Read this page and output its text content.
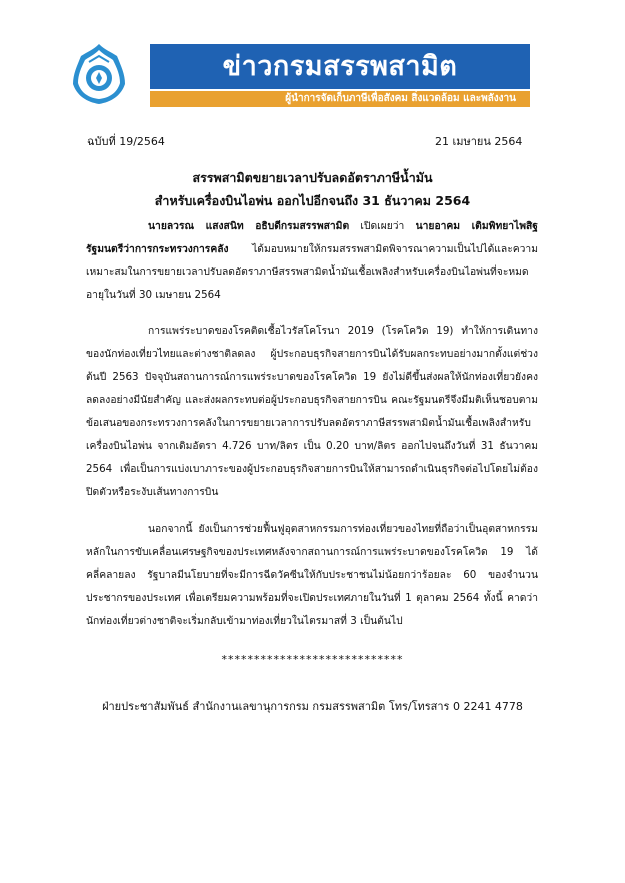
ข่าวกรมสรรพสามิต
ผู้นำการจัดเก็บภาษีเพื่อสังคม สิ่งแวดล้อม และพลังงาน
ฉบับที่ 19/2564	21 เมษายน 2564
สรรพสามิตขยายเวลาปรับลดอัตราภาษีน้ำมัน
สำหรับเครื่องบินไอพ่น ออกไปอีกจนถึง 31 ธันวาคม 2564
นายลวรณ แสงสนิท อธิบดีกรมสรรพสามิต เปิดเผยว่า นายอาคม เติมพิทยาไพสิฐ รัฐมนตรีว่าการกระทรวงการคลัง ได้มอบหมายให้กรมสรรพสามิตพิจารณาความเป็นไปได้และความเหมาะสมในการขยายเวลาปรับลดอัตราภาษีสรรพสามิตน้ำมันเชื้อเพลิงสำหรับเครื่องบินไอพ่นที่จะหมดอายุในวันที่ 30 เมษายน 2564
การแพร่ระบาดของโรคติดเชื้อไวรัสโคโรนา 2019 (โรคโควิด 19) ทำให้การเดินทางของนักท่องเที่ยวไทยและต่างชาติลดลง ผู้ประกอบธุรกิจสายการบินได้รับผลกระทบอย่างมากตั้งแต่ช่วงต้นปี 2563 ปัจจุบันสถานการณ์การแพร่ระบาดของโรคโควิด 19 ยังไม่ดีขึ้นส่งผลให้นักท่องเที่ยวยังคงลดลงอย่างมีนัยสำคัญ และส่งผลกระทบต่อผู้ประกอบธุรกิจสายการบิน คณะรัฐมนตรีจึงมีมติเห็นชอบตามข้อเสนอของกระทรวงการคลังในการขยายเวลาการปรับลดอัตราภาษีสรรพสามิตน้ำมันเชื้อเพลิงสำหรับเครื่องบินไอพ่น จากเดิมอัตรา 4.726 บาท/ลิตร เป็น 0.20 บาท/ลิตร ออกไปจนถึงวันที่ 31 ธันวาคม 2564 เพื่อเป็นการแบ่งเบาภาระของผู้ประกอบธุรกิจสายการบินให้สามารถดำเนินธุรกิจต่อไปโดยไม่ต้องปิดตัวหรือระงับเส้นทางการบิน
นอกจากนี้ ยังเป็นการช่วยฟื้นฟูอุตสาหกรรมการท่องเที่ยวของไทยที่ถือว่าเป็นอุตสาหกรรมหลักในการขับเคลื่อนเศรษฐกิจของประเทศหลังจากสถานการณ์การแพร่ระบาดของโรคโควิด 19 ได้คลี่คลายลง รัฐบาลมีนโยบายที่จะมีการฉีดวัคซีนให้กับประชาชนไม่น้อยกว่าร้อยละ 60 ของจำนวนประชากรของประเทศ เพื่อเตรียมความพร้อมที่จะเปิดประเทศภายในวันที่ 1 ตุลาคม 2564 ทั้งนี้ คาดว่านักท่องเที่ยวต่างชาติจะเริ่มกลับเข้ามาท่องเที่ยวในไตรมาสที่ 3 เป็นต้นไป
****************************
ฝ่ายประชาสัมพันธ์ สำนักงานเลขานุการกรม กรมสรรพสามิต โทร/โทรสาร 0 2241 4778
